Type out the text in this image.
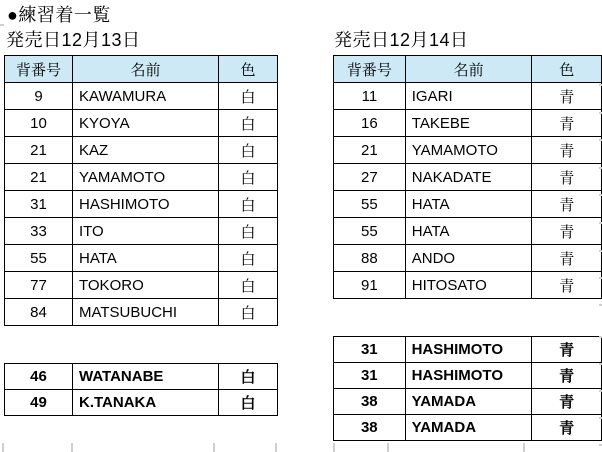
●練習着一覧
発売日12月13日	発売日12月14日
背番号	名前	色
9	KAWAMURA	白
10	KYOYA	白
21	KAZ	白
21	YAMAMOTO	白
31	HASHIMOTO	白
33	ITO	白
55	HATA	白
77	TOKORO	白
84	MATSUBUCHI	白
46	WATANABE	白
49	K.TANAKA	白
背番号	名前	色
11	IGARI	青
16	TAKEBE	青
21	YAMAMOTO	青
27	NAKADATE	青
55	HATA	青
55	HATA	青
88	ANDO	青
91	HITOSATO	青
31	HASHIMOTO	青
31	HASHIMOTO	青
38	YAMADA	青
38	YAMADA	青
